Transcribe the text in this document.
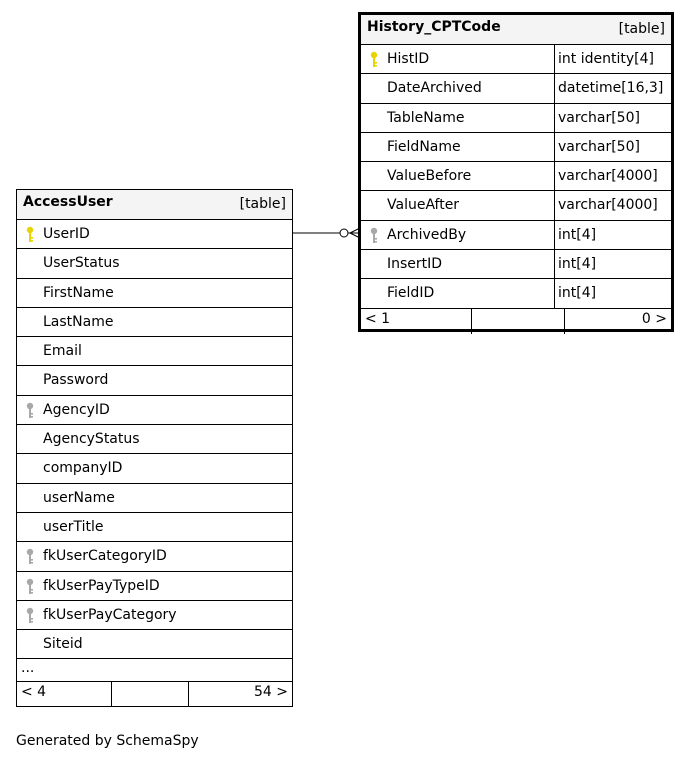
History_CPTCode	[table]
HistID	int identity[4]
DateArchived	datetime[16,3]
TableName	varchar[50]
FieldName	varchar[50]
ValueBefore	varchar[4000]
ValueAfter	varchar[4000]
ArchivedBy	int[4]
InsertID	int[4]
FieldID	int[4]
< 1	0 >
AccessUser	[table]
UserID
UserStatus
FirstName
LastName
Email
Password
AgencyID
AgencyStatus
companyID
userName
userTitle
fkUserCategoryID
fkUserPayTypeID
fkUserPayCategory
Siteid
...
< 4	54 >
Generated by SchemaSpy
